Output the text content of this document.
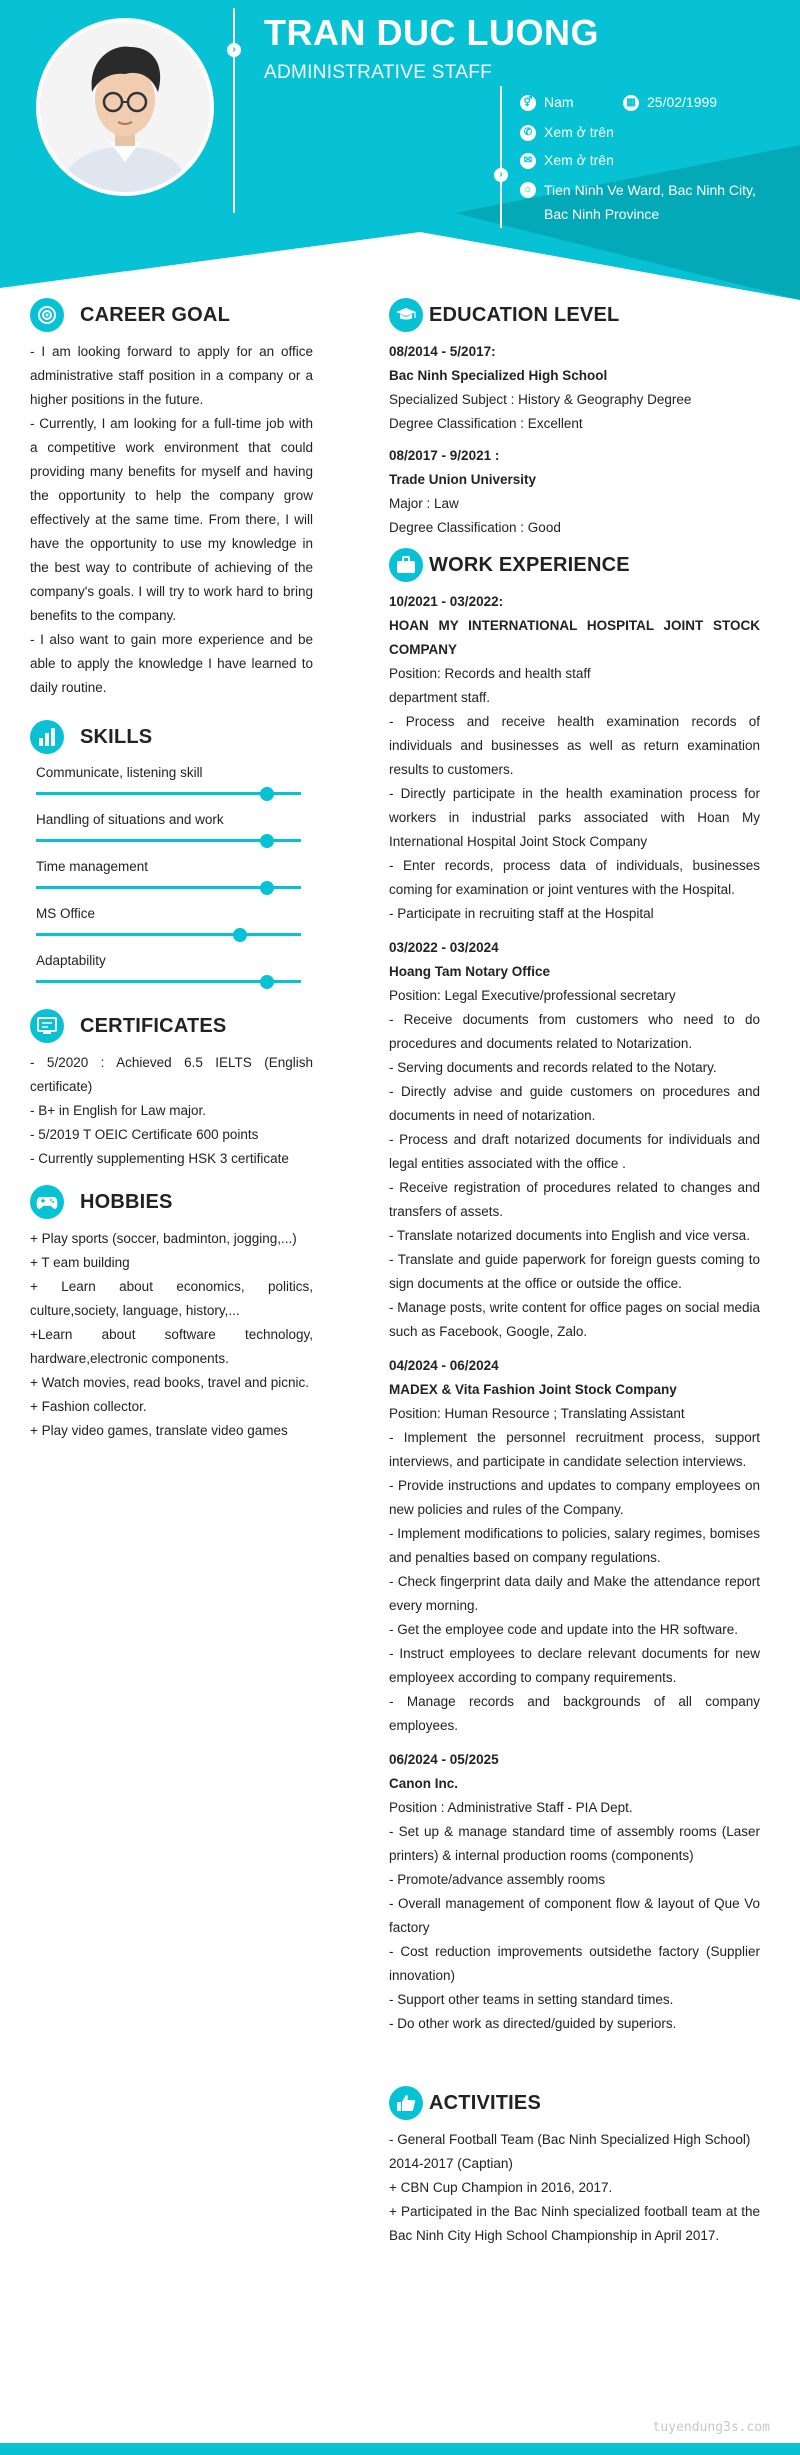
› TRAN DUC LUONG
ADMINISTRATIVE STAFF
›
⚥ Nam	▦ 25/02/1999
✆ Xem ở trên
✉ Xem ở trên
⌂ Tien Ninh Ve Ward, Bac Ninh City,
Bac Ninh Province
CAREER GOAL

- I am looking forward to apply for an office administrative staff position in a company or a higher positions in the future.

- Currently, I am looking for a full-time job with a competitive work environment that could providing many benefits for myself and having the opportunity to help the company grow effectively at the same time. From there, I will have the opportunity to use my knowledge in the best way to contribute of achieving of the company's goals. I will try to work hard to bring benefits to the company.

- I also want to gain more experience and be able to apply the knowledge I have learned to daily routine.

SKILLS
Communicate, listening skill
Handling of situations and work
Time management
MS Office
Adaptability
CERTIFICATES

- 5/2020 : Achieved 6.5 IELTS (English certificate)

- B+ in English for Law major.

- 5/2019 T OEIC Certificate 600 points

- Currently supplementing HSK 3 certificate

HOBBIES

+ Play sports (soccer, badminton, jogging,...)

+ T eam building

+ Learn about economics, politics, culture,society, language, history,...

+Learn about software technology, hardware,electronic components.

+ Watch movies, read books, travel and picnic.

+ Fashion collector.

+ Play video games, translate video games

EDUCATION LEVEL
08/2014 - 5/2017:
Bac Ninh Specialized High School
Specialized Subject : History & Geography Degree
Degree Classification : Excellent
08/2017 - 9/2021 :
Trade Union University
Major : Law
Degree Classification : Good
WORK EXPERIENCE
10/2021 - 03/2022:
HOAN MY INTERNATIONAL HOSPITAL JOINT STOCK COMPANY
Position: Records and health staff
department staff.
- Process and receive health examination records of individuals and businesses as well as return examination results to customers.
- Directly participate in the health examination process for workers in industrial parks associated with Hoan My International Hospital Joint Stock Company
- Enter records, process data of individuals, businesses coming for examination or joint ventures with the Hospital.
- Participate in recruiting staff at the Hospital
03/2022 - 03/2024
Hoang Tam Notary Office
Position: Legal Executive/professional secretary
- Receive documents from customers who need to do procedures and documents related to Notarization.
- Serving documents and records related to the Notary.
- Directly advise and guide customers on procedures and documents in need of notarization.
- Process and draft notarized documents for individuals and legal entities associated with the office .
- Receive registration of procedures related to changes and transfers of assets.
- Translate notarized documents into English and vice versa.
- Translate and guide paperwork for foreign guests coming to sign documents at the office or outside the office.
- Manage posts, write content for office pages on social media such as Facebook, Google, Zalo.
04/2024 - 06/2024
MADEX & Vita Fashion Joint Stock Company
Position: Human Resource ; Translating Assistant
- Implement the personnel recruitment process, support interviews, and participate in candidate selection interviews.
- Provide instructions and updates to company employees on new policies and rules of the Company.
- Implement modifications to policies, salary regimes, bomises and penalties based on company regulations.
- Check fingerprint data daily and Make the attendance report every morning.
- Get the employee code and update into the HR software.
- Instruct employees to declare relevant documents for new employeex according to company requirements.
- Manage records and backgrounds of all company employees.
06/2024 - 05/2025
Canon Inc.
Position : Administrative Staff - PIA Dept.
- Set up & manage standard time of assembly rooms (Laser printers) & internal production rooms (components)
- Promote/advance assembly rooms
- Overall management of component flow & layout of Que Vo factory
- Cost reduction improvements outsidethe factory (Supplier innovation)
- Support other teams in setting standard times.
- Do other work as directed/guided by superiors.
ACTIVITIES

- General Football Team (Bac Ninh Specialized High School) 2014-2017 (Captian)

+ CBN Cup Champion in 2016, 2017.

+ Participated in the Bac Ninh specialized football team at the Bac Ninh City High School Championship in April 2017.

tuyendung3s.com
